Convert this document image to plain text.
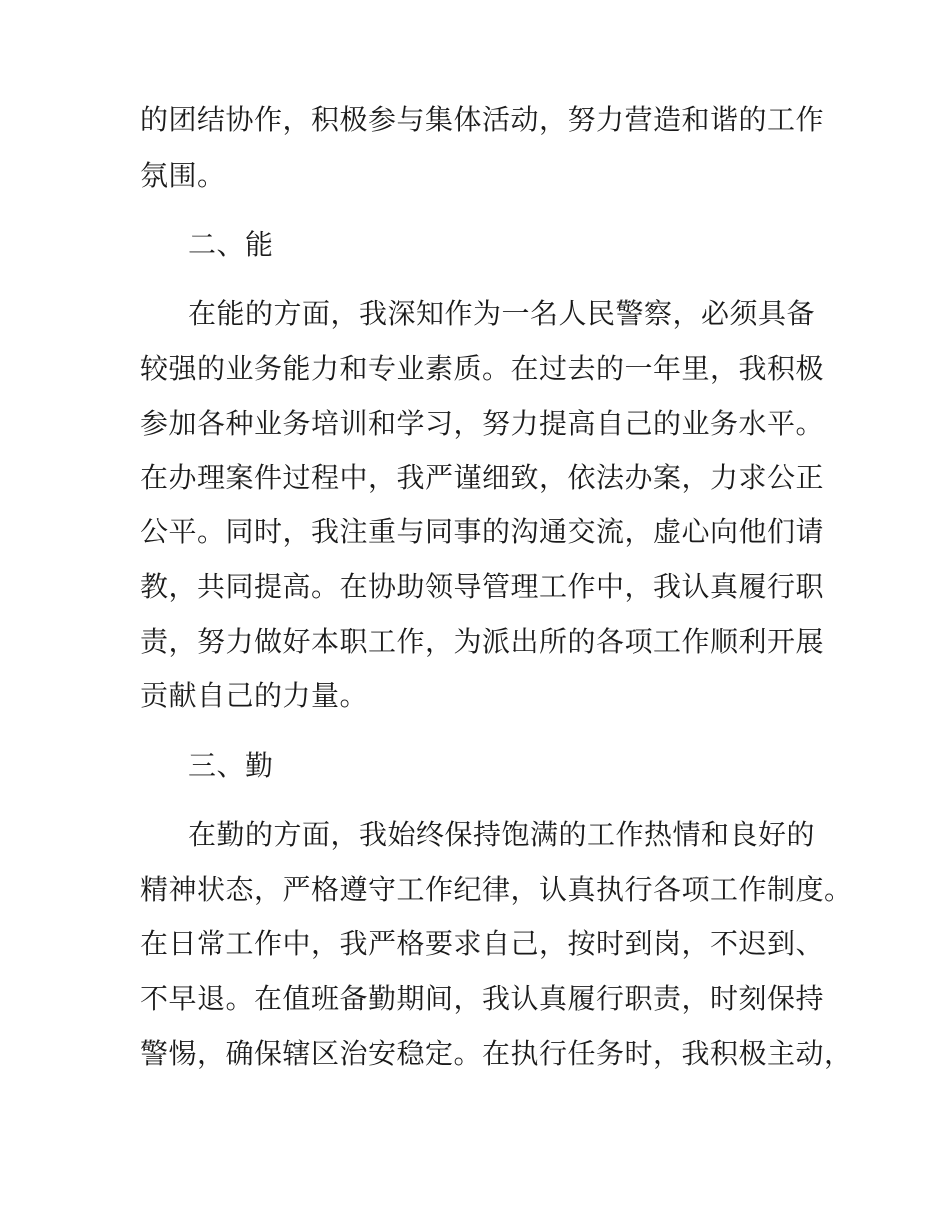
的团结协作，积极参与集体活动，努力营造和谐的工作
氛围。
二、能
在能的方面，我深知作为一名人民警察，必须具备
较强的业务能力和专业素质。在过去的一年里，我积极
参加各种业务培训和学习，努力提高自己的业务水平。
在办理案件过程中，我严谨细致，依法办案，力求公正
公平。同时，我注重与同事的沟通交流，虚心向他们请
教，共同提高。在协助领导管理工作中，我认真履行职
责，努力做好本职工作，为派出所的各项工作顺利开展
贡献自己的力量。
三、勤
在勤的方面，我始终保持饱满的工作热情和良好的
精神状态，严格遵守工作纪律，认真执行各项工作制度。
在日常工作中，我严格要求自己，按时到岗，不迟到、
不早退。在值班备勤期间，我认真履行职责，时刻保持
警惕，确保辖区治安稳定。在执行任务时，我积极主动，
